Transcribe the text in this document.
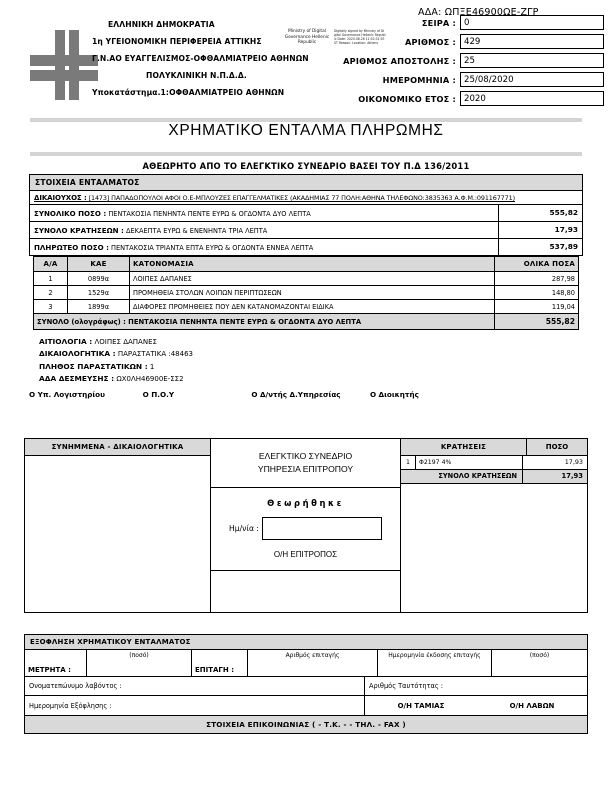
ΑΔΑ: ΩΠΞΕ46900ΩΕ-ΖΓΡ
ΕΛΛΗΝΙΚΗ ΔΗΜΟΚΡΑΤΙΑ
1η ΥΓΕΙΟΝΟΜΙΚΗ ΠΕΡΙΦΕΡΕΙΑ ΑΤΤΙΚΗΣ
Γ.Ν.ΑΟ ΕΥΑΓΓΕΛΙΣΜΟΣ-ΟΦΘΑΛΜΙΑΤΡΕΙΟ ΑΘΗΝΩΝ
ΠΟΛΥΚΛΙΝΙΚΗ Ν.Π.Δ.Δ.
Υποκατάστημα.1:ΟΦΘΑΛΜΙΑΤΡΕΙΟ ΑΘΗΝΩΝ
Ministry of Digital Governance Hellenic Republic
Digitally signed by Ministry of Digital Governance Hellenic Republic Date: 2020.08.26 11:52:31 EEST Reason: Location: Athens
ΣΕΙΡΑ : 0
ΑΡΙΘΜΟΣ : 429
ΑΡΙΘΜΟΣ ΑΠΟΣΤΟΛΗΣ : 25
ΗΜΕΡΟΜΗΝΙΑ : 25/08/2020
ΟΙΚΟΝΟΜΙΚΟ ΕΤΟΣ : 2020
ΧΡΗΜΑΤΙΚΟ ΕΝΤΑΛΜΑ ΠΛΗΡΩΜΗΣ
ΑΘΕΩΡΗΤΟ ΑΠΟ ΤΟ ΕΛΕΓΚΤΙΚΟ ΣΥΝΕΔΡΙΟ ΒΑΣΕΙ ΤΟΥ Π.Δ 136/2011
ΣΤΟΙΧΕΙΑ ΕΝΤΑΛΜΑΤΟΣ
ΔΙΚΑΙΟΥΧΟΣ : [1473] ΠΑΠΑΔΟΠΟΥΛΟΙ ΑΦΟΙ Ο.Ε-ΜΠΛΟΥΖΕΣ ΕΠΑΓΓΕΛΜΑΤΙΚΕΣ (ΑΚΑΔΗΜΙΑΣ 77 ΠΟΛΗ:ΑΘΗΝΑ ΤΗΛΕΦΩΝΟ:3835363 Α.Φ.Μ.:091167771)
ΣΥΝΟΛΙΚΟ ΠΟΣΟ : ΠΕΝΤΑΚΟΣΙΑ ΠΕΝΗΝΤΑ ΠΕΝΤΕ ΕΥΡΩ & ΟΓΔΟΝΤΑ ΔΥΟ ΛΕΠΤΑ	555,82
ΣΥΝΟΛΟ ΚΡΑΤΗΣΕΩΝ : ΔΕΚΑΕΠΤΑ ΕΥΡΩ & ΕΝΕΝΗΝΤΑ ΤΡΙΑ ΛΕΠΤΑ	17,93
ΠΛΗΡΩΤΕΟ ΠΟΣΟ : ΠΕΝΤΑΚΟΣΙΑ ΤΡΙΑΝΤΑ ΕΠΤΑ ΕΥΡΩ & ΟΓΔΟΝΤΑ ΕΝΝΕΑ ΛΕΠΤΑ	537,89
Α/Α	ΚΑΕ	ΚΑΤΟΝΟΜΑΣΙΑ	ΟΛΙΚΑ ΠΟΣΑ
1	0899α	ΛΟΙΠΕΣ ΔΑΠΑΝΕΣ	287,98
2	1529α	ΠΡΟΜΗΘΕΙΑ ΣΤΟΛΩΝ ΛΟΙΠΩΝ ΠΕΡΙΠΤΩΣΕΩΝ	148,80
3	1899α	ΔΙΑΦΟΡΕΣ ΠΡΟΜΗΘΕΙΕΣ ΠΟΥ ΔΕΝ ΚΑΤΑΝΟΜΑΖΟΝΤΑΙ ΕΙΔΙΚΑ	119,04
ΣΥΝΟΛΟ (ολογράφως) : ΠΕΝΤΑΚΟΣΙΑ ΠΕΝΗΝΤΑ ΠΕΝΤΕ ΕΥΡΩ & ΟΓΔΟΝΤΑ ΔΥΟ ΛΕΠΤΑ			555,82
ΑΙΤΙΟΛΟΓΙΑ : ΛΟΙΠΕΣ ΔΑΠΑΝΕΣ
ΔΙΚΑΙΟΛΟΓΗΤΙΚΑ : ΠΑΡΑΣΤΑΤΙΚΑ :48463
ΠΛΗΘΟΣ ΠΑΡΑΣΤΑΤΙΚΩΝ : 1
ΑΔΑ ΔΕΣΜΕΥΣΗΣ : ΩΧ0ΛΗ46900Ε-ΣΣ2
Ο Υπ. Λογιστηρίου	Ο Π.Ο.Υ	Ο Δ/ντής Δ.Υπηρεσίας	Ο Διοικητής
ΣΥΝΗΜΜΕΝΑ - ΔΙΚΑΙΟΛΟΓΗΤΙΚΑ
ΕΛΕΓΚΤΙΚΟ ΣΥΝΕΔΡΙΟ
ΥΠΗΡΕΣΙΑ ΕΠΙΤΡΟΠΟΥ
Θεωρήθηκε
Ημ/νία :
Ο/Η ΕΠΙΤΡΟΠΟΣ
ΚΡΑΤΗΣΕΙΣ	ΠΟΣΟ
1	Φ2197 4%	17,93
ΣΥΝΟΛΟ ΚΡΑΤΗΣΕΩΝ	17,93
ΕΞΟΦΛΗΣΗ ΧΡΗΜΑΤΙΚΟΥ ΕΝΤΑΛΜΑΤΟΣ
ΜΕΤΡΗΤΑ :
(ποσό)
ΕΠΙΤΑΓΗ :
Αριθμός επιταγής	Ημερομηνία έκδοσης επιταγής	(ποσό)
Ονοματεπώνυμο λαβόντος :	Αριθμός Ταυτότητας :
Ημερομηνία Εξόφλησης :	Ο/Η ΤΑΜΙΑΣ	Ο/Η ΛΑΒΩΝ
ΣΤΟΙΧΕΙΑ ΕΠΙΚΟΙΝΩΝΙΑΣ ( - Τ.Κ. - - ΤΗΛ. - FAX )
